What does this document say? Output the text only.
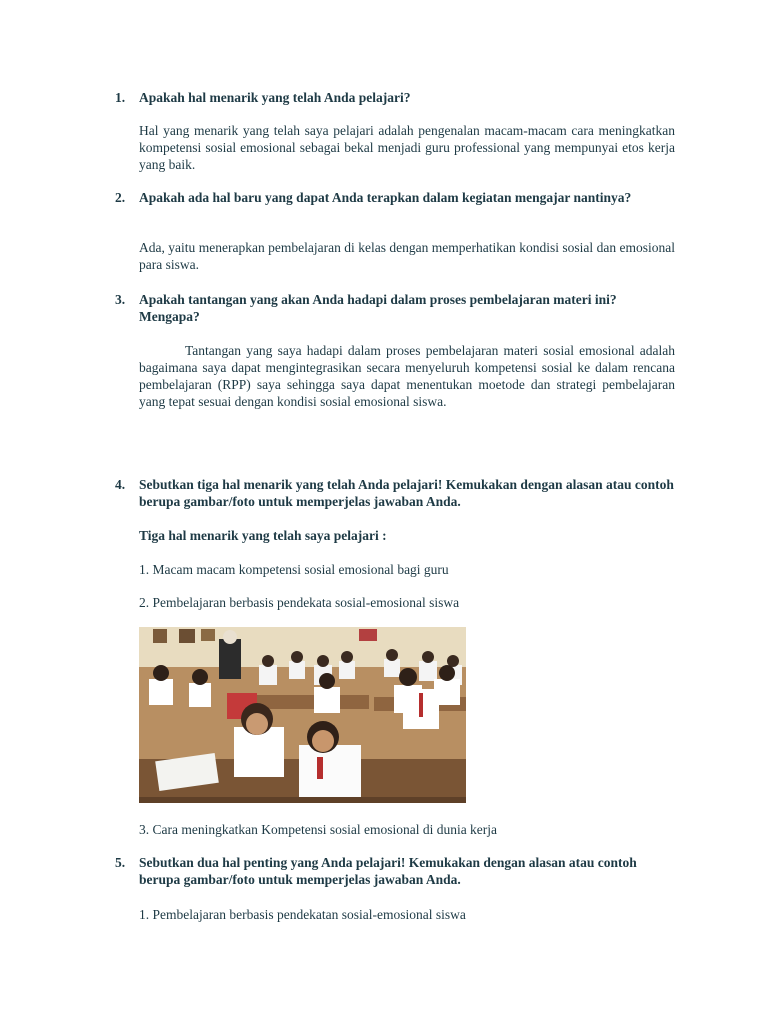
1. Apakah hal menarik yang telah Anda pelajari?
Hal yang menarik yang telah saya pelajari adalah pengenalan macam-macam cara meningkatkan kompetensi sosial emosional sebagai bekal menjadi guru professional yang mempunyai etos kerja yang baik.
2. Apakah ada hal baru yang dapat Anda terapkan dalam kegiatan mengajar nantinya?
Ada, yaitu menerapkan pembelajaran di kelas dengan memperhatikan kondisi sosial dan emosional para siswa.
3. Apakah tantangan yang akan Anda hadapi dalam proses pembelajaran materi ini? Mengapa?
Tantangan yang saya hadapi dalam proses pembelajaran materi sosial emosional adalah bagaimana saya dapat mengintegrasikan secara menyeluruh kompetensi sosial ke dalam rencana pembelajaran (RPP) saya sehingga saya dapat menentukan moetode dan strategi pembelajaran yang tepat sesuai dengan kondisi sosial emosional siswa.
4. Sebutkan tiga hal menarik yang telah Anda pelajari! Kemukakan dengan alasan atau contoh berupa gambar/foto untuk memperjelas jawaban Anda.
Tiga hal menarik yang telah saya pelajari :
1. Macam macam kompetensi sosial emosional bagi guru
2. Pembelajaran berbasis pendekata sosial-emosional siswa
3. Cara meningkatkan Kompetensi sosial emosional di dunia kerja
5. Sebutkan dua hal penting yang Anda pelajari! Kemukakan dengan alasan atau contoh berupa gambar/foto untuk memperjelas jawaban Anda.
1. Pembelajaran berbasis pendekatan sosial-emosional siswa
